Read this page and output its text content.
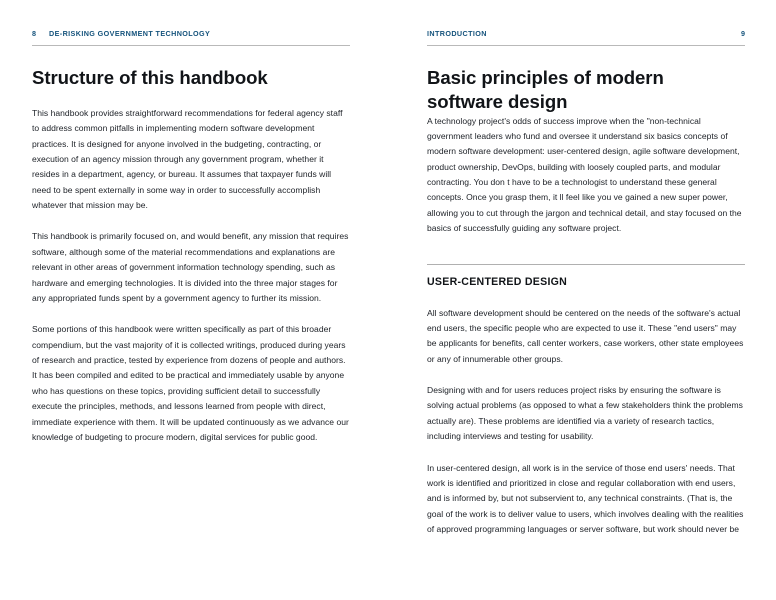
8 DE-RISKING GOVERNMENT TECHNOLOGY
Structure of this handbook

This handbook provides straightforward recommendations for federal agency staff to address common pitfalls in implementing modern software development practices. It is designed for anyone involved in the budgeting, contracting, or execution of an agency mission through any government program, whether it resides in a department, agency, or bureau. It assumes that taxpayer funds will need to be spent externally in some way in order to successfully accomplish whatever that mission may be.

This handbook is primarily focused on, and would benefit, any mission that requires software, although some of the material recommendations and explanations are relevant in other areas of government information technology spending, such as hardware and emerging technologies. It is divided into the three major stages for any appropriated funds spent by a government agency to further its mission.

Some portions of this handbook were written specifically as part of this broader compendium, but the vast majority of it is collected writings, produced during years of research and practice, tested by experience from dozens of people and authors. It has been compiled and edited to be practical and immediately usable by anyone who has questions on these topics, providing sufficient detail to successfully execute the principles, methods, and lessons learned from people with direct, immediate experience with them. It will be updated continuously as we advance our knowledge of budgeting to procure modern, digital services for public good.

INTRODUCTION	9
Basic principles of modern software design

A technology project's odds of success improve when the "non-technical government leaders who fund and oversee it understand six basics concepts of modern software development: user-centered design, agile software development, product ownership, DevOps, building with loosely coupled parts, and modular contracting. You don t have to be a technologist to understand these general concepts. Once you grasp them, it ll feel like you ve gained a new super power, allowing you to cut through the jargon and technical detail, and stay focused on the basics of successfully guiding any software project.

USER-CENTERED DESIGN

All software development should be centered on the needs of the software's actual end users, the specific people who are expected to use it. These "end users" may be applicants for benefits, call center workers, case workers, other state employees or any of innumerable other groups.

Designing with and for users reduces project risks by ensuring the software is solving actual problems (as opposed to what a few stakeholders think the problems actually are). These problems are identified via a variety of research tactics, including interviews and testing for usability.

In user-centered design, all work is in the service of those end users' needs. That work is identified and prioritized in close and regular collaboration with end users, and is informed by, but not subservient to, any technical constraints. (That is, the goal of the work is to deliver value to users, which involves dealing with the realities of approved programming languages or server software, but work should never be
